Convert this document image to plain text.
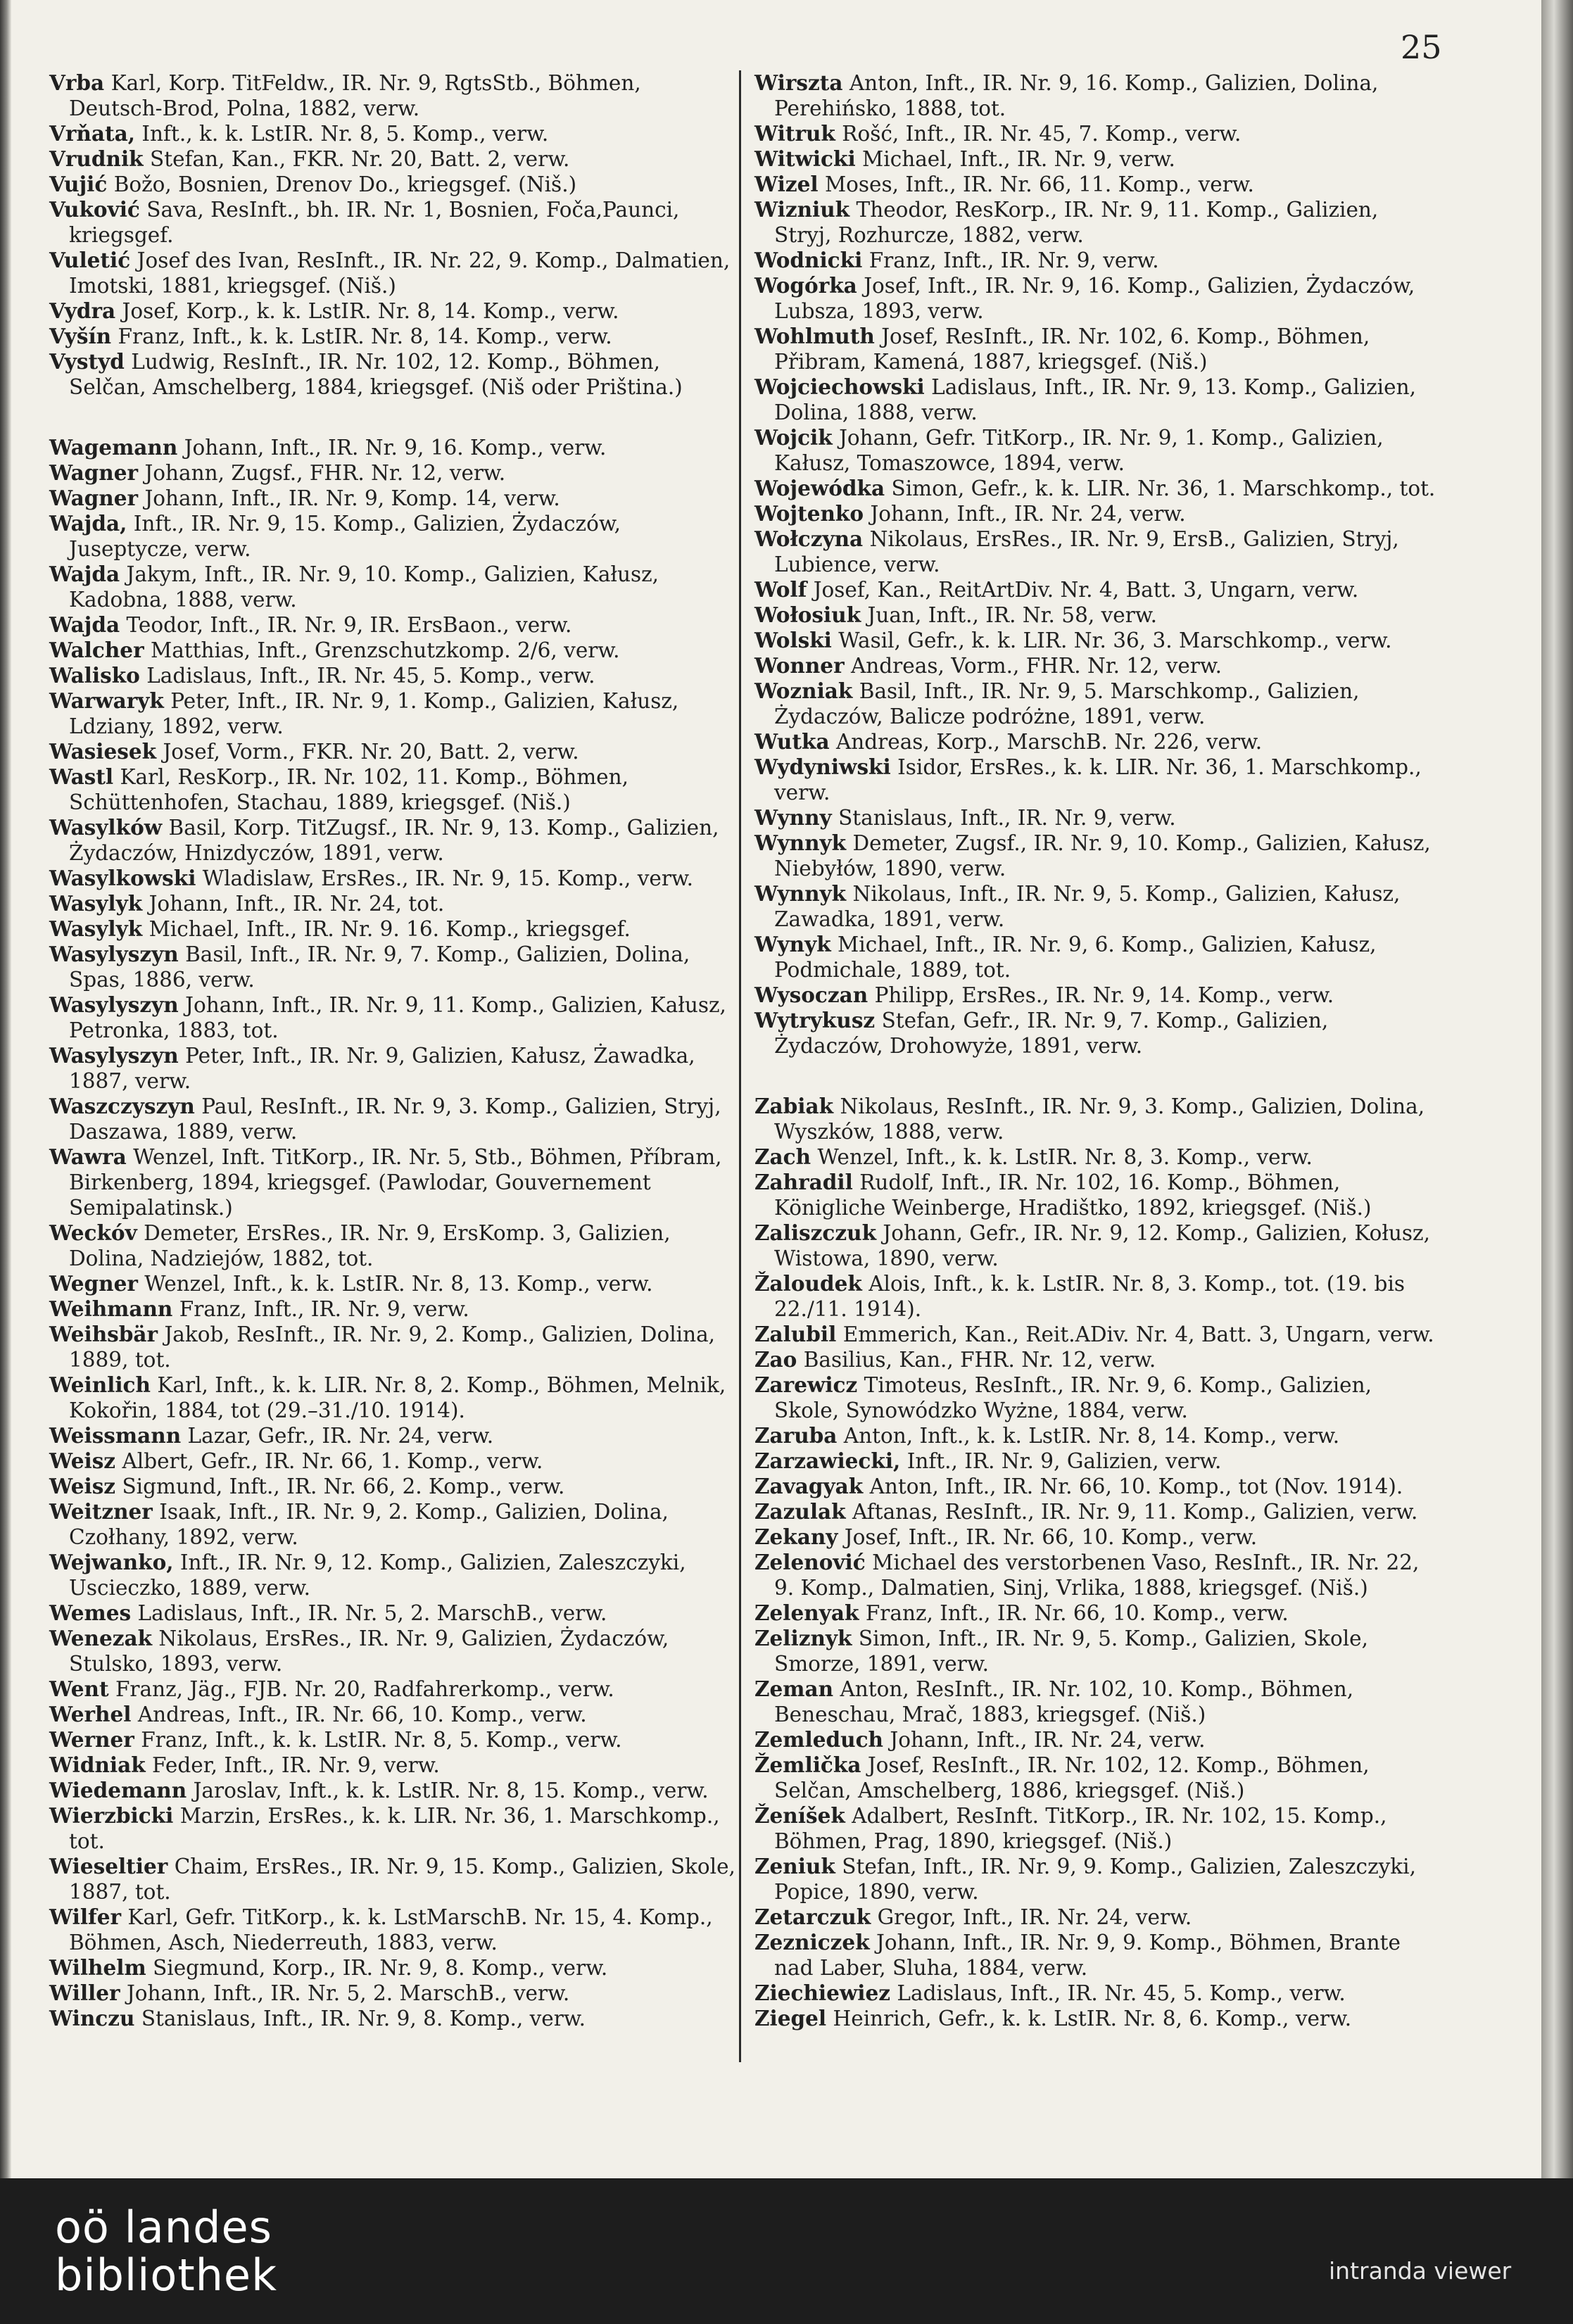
25
Vrba Karl, Korp. TitFeldw., IR. Nr. 9, RgtsStb., Böhmen, Deutsch-Brod, Polna, 1882, verw.
Vrňata, Inft., k. k. LstIR. Nr. 8, 5. Komp., verw.
Vrudnik Stefan, Kan., FKR. Nr. 20, Batt. 2, verw.
Vujić Božo, Bosnien, Drenov Do., kriegsgef. (Niš.)
Vuković Sava, ResInft., bh. IR. Nr. 1, Bosnien, Foča,Paunci, kriegsgef.
Vuletić Josef des Ivan, ResInft., IR. Nr. 22, 9. Komp., Dalmatien, Imotski, 1881, kriegsgef. (Niš.)
Vydra Josef, Korp., k. k. LstIR. Nr. 8, 14. Komp., verw.
Vyšín Franz, Inft., k. k. LstIR. Nr. 8, 14. Komp., verw.
Vystyd Ludwig, ResInft., IR. Nr. 102, 12. Komp., Böhmen, Selčan, Amschelberg, 1884, kriegsgef. (Niš oder Priština.)
Wagemann Johann, Inft., IR. Nr. 9, 16. Komp., verw.
Wagner Johann, Zugsf., FHR. Nr. 12, verw.
Wagner Johann, Inft., IR. Nr. 9, Komp. 14, verw.
Wajda, Inft., IR. Nr. 9, 15. Komp., Galizien, Żydaczów, Juseptycze, verw.
Wajda Jakym, Inft., IR. Nr. 9, 10. Komp., Galizien, Kałusz, Kadobna, 1888, verw.
Wajda Teodor, Inft., IR. Nr. 9, IR. ErsBaon., verw.
Walcher Matthias, Inft., Grenzschutzkomp. 2/6, verw.
Walisko Ladislaus, Inft., IR. Nr. 45, 5. Komp., verw.
Warwaryk Peter, Inft., IR. Nr. 9, 1. Komp., Galizien, Kałusz, Ldziany, 1892, verw.
Wasiesek Josef, Vorm., FKR. Nr. 20, Batt. 2, verw.
Wastl Karl, ResKorp., IR. Nr. 102, 11. Komp., Böhmen, Schüttenhofen, Stachau, 1889, kriegsgef. (Niš.)
Wasylków Basil, Korp. TitZugsf., IR. Nr. 9, 13. Komp., Galizien, Żydaczów, Hnizdyczów, 1891, verw.
Wasylkowski Wladislaw, ErsRes., IR. Nr. 9, 15. Komp., verw.
Wasylyk Johann, Inft., IR. Nr. 24, tot.
Wasylyk Michael, Inft., IR. Nr. 9. 16. Komp., kriegsgef.
Wasylyszyn Basil, Inft., IR. Nr. 9, 7. Komp., Galizien, Dolina, Spas, 1886, verw.
Wasylyszyn Johann, Inft., IR. Nr. 9, 11. Komp., Galizien, Kałusz, Petronka, 1883, tot.
Wasylyszyn Peter, Inft., IR. Nr. 9, Galizien, Kałusz, Żawadka, 1887, verw.
Waszczyszyn Paul, ResInft., IR. Nr. 9, 3. Komp., Galizien, Stryj, Daszawa, 1889, verw.
Wawra Wenzel, Inft. TitKorp., IR. Nr. 5, Stb., Böhmen, Příbram, Birkenberg, 1894, kriegsgef. (Pawlodar, Gouvernement Semipalatinsk.)
Weckóv Demeter, ErsRes., IR. Nr. 9, ErsKomp. 3, Galizien, Dolina, Nadziejów, 1882, tot.
Wegner Wenzel, Inft., k. k. LstIR. Nr. 8, 13. Komp., verw.
Weihmann Franz, Inft., IR. Nr. 9, verw.
Weihsbär Jakob, ResInft., IR. Nr. 9, 2. Komp., Galizien, Dolina, 1889, tot.
Weinlich Karl, Inft., k. k. LIR. Nr. 8, 2. Komp., Böhmen, Melnik, Kokořin, 1884, tot (29.–31./10. 1914).
Weissmann Lazar, Gefr., IR. Nr. 24, verw.
Weisz Albert, Gefr., IR. Nr. 66, 1. Komp., verw.
Weisz Sigmund, Inft., IR. Nr. 66, 2. Komp., verw.
Weitzner Isaak, Inft., IR. Nr. 9, 2. Komp., Galizien, Dolina, Czołhany, 1892, verw.
Wejwanko, Inft., IR. Nr. 9, 12. Komp., Galizien, Zaleszczyki, Uscieczko, 1889, verw.
Wemes Ladislaus, Inft., IR. Nr. 5, 2. MarschB., verw.
Wenezak Nikolaus, ErsRes., IR. Nr. 9, Galizien, Żydaczów, Stulsko, 1893, verw.
Went Franz, Jäg., FJB. Nr. 20, Radfahrerkomp., verw.
Werhel Andreas, Inft., IR. Nr. 66, 10. Komp., verw.
Werner Franz, Inft., k. k. LstIR. Nr. 8, 5. Komp., verw.
Widniak Feder, Inft., IR. Nr. 9, verw.
Wiedemann Jaroslav, Inft., k. k. LstIR. Nr. 8, 15. Komp., verw.
Wierzbicki Marzin, ErsRes., k. k. LIR. Nr. 36, 1. Marschkomp., tot.
Wieseltier Chaim, ErsRes., IR. Nr. 9, 15. Komp., Galizien, Skole, 1887, tot.
Wilfer Karl, Gefr. TitKorp., k. k. LstMarschB. Nr. 15, 4. Komp., Böhmen, Asch, Niederreuth, 1883, verw.
Wilhelm Siegmund, Korp., IR. Nr. 9, 8. Komp., verw.
Willer Johann, Inft., IR. Nr. 5, 2. MarschB., verw.
Winczu Stanislaus, Inft., IR. Nr. 9, 8. Komp., verw.
Wirszta Anton, Inft., IR. Nr. 9, 16. Komp., Galizien, Dolina, Perehińsko, 1888, tot.
Witruk Rošć, Inft., IR. Nr. 45, 7. Komp., verw.
Witwicki Michael, Inft., IR. Nr. 9, verw.
Wizel Moses, Inft., IR. Nr. 66, 11. Komp., verw.
Wizniuk Theodor, ResKorp., IR. Nr. 9, 11. Komp., Galizien, Stryj, Rozhurcze, 1882, verw.
Wodnicki Franz, Inft., IR. Nr. 9, verw.
Wogórka Josef, Inft., IR. Nr. 9, 16. Komp., Galizien, Żydaczów, Lubsza, 1893, verw.
Wohlmuth Josef, ResInft., IR. Nr. 102, 6. Komp., Böhmen, Přibram, Kamená, 1887, kriegsgef. (Niš.)
Wojciechowski Ladislaus, Inft., IR. Nr. 9, 13. Komp., Galizien, Dolina, 1888, verw.
Wojcik Johann, Gefr. TitKorp., IR. Nr. 9, 1. Komp., Galizien, Kałusz, Tomaszowce, 1894, verw.
Wojewódka Simon, Gefr., k. k. LIR. Nr. 36, 1. Marschkomp., tot.
Wojtenko Johann, Inft., IR. Nr. 24, verw.
Wołczyna Nikolaus, ErsRes., IR. Nr. 9, ErsB., Galizien, Stryj, Lubience, verw.
Wolf Josef, Kan., ReitArtDiv. Nr. 4, Batt. 3, Ungarn, verw.
Wołosiuk Juan, Inft., IR. Nr. 58, verw.
Wolski Wasil, Gefr., k. k. LIR. Nr. 36, 3. Marschkomp., verw.
Wonner Andreas, Vorm., FHR. Nr. 12, verw.
Wozniak Basil, Inft., IR. Nr. 9, 5. Marschkomp., Galizien, Żydaczów, Balicze podróżne, 1891, verw.
Wutka Andreas, Korp., MarschB. Nr. 226, verw.
Wydyniwski Isidor, ErsRes., k. k. LIR. Nr. 36, 1. Marschkomp., verw.
Wynny Stanislaus, Inft., IR. Nr. 9, verw.
Wynnyk Demeter, Zugsf., IR. Nr. 9, 10. Komp., Galizien, Kałusz, Niebyłów, 1890, verw.
Wynnyk Nikolaus, Inft., IR. Nr. 9, 5. Komp., Galizien, Kałusz, Zawadka, 1891, verw.
Wynyk Michael, Inft., IR. Nr. 9, 6. Komp., Galizien, Kałusz, Podmichale, 1889, tot.
Wysoczan Philipp, ErsRes., IR. Nr. 9, 14. Komp., verw.
Wytrykusz Stefan, Gefr., IR. Nr. 9, 7. Komp., Galizien, Żydaczów, Drohowyże, 1891, verw.
Zabiak Nikolaus, ResInft., IR. Nr. 9, 3. Komp., Galizien, Dolina, Wyszków, 1888, verw.
Zach Wenzel, Inft., k. k. LstIR. Nr. 8, 3. Komp., verw.
Zahradil Rudolf, Inft., IR. Nr. 102, 16. Komp., Böhmen, Königliche Weinberge, Hradištko, 1892, kriegsgef. (Niš.)
Zaliszczuk Johann, Gefr., IR. Nr. 9, 12. Komp., Galizien, Kołusz, Wistowa, 1890, verw.
Žaloudek Alois, Inft., k. k. LstIR. Nr. 8, 3. Komp., tot. (19. bis 22./11. 1914).
Zalubil Emmerich, Kan., Reit.ADiv. Nr. 4, Batt. 3, Ungarn, verw.
Zao Basilius, Kan., FHR. Nr. 12, verw.
Zarewicz Timoteus, ResInft., IR. Nr. 9, 6. Komp., Galizien, Skole, Synowódzko Wyżne, 1884, verw.
Zaruba Anton, Inft., k. k. LstIR. Nr. 8, 14. Komp., verw.
Zarzawiecki, Inft., IR. Nr. 9, Galizien, verw.
Zavagyak Anton, Inft., IR. Nr. 66, 10. Komp., tot (Nov. 1914).
Zazulak Aftanas, ResInft., IR. Nr. 9, 11. Komp., Galizien, verw.
Zekany Josef, Inft., IR. Nr. 66, 10. Komp., verw.
Zelenović Michael des verstorbenen Vaso, ResInft., IR. Nr. 22, 9. Komp., Dalmatien, Sinj, Vrlika, 1888, kriegsgef. (Niš.)
Zelenyak Franz, Inft., IR. Nr. 66, 10. Komp., verw.
Zeliznyk Simon, Inft., IR. Nr. 9, 5. Komp., Galizien, Skole, Smorze, 1891, verw.
Zeman Anton, ResInft., IR. Nr. 102, 10. Komp., Böhmen, Beneschau, Mrač, 1883, kriegsgef. (Niš.)
Zemleduch Johann, Inft., IR. Nr. 24, verw.
Žemlička Josef, ResInft., IR. Nr. 102, 12. Komp., Böhmen, Selčan, Amschelberg, 1886, kriegsgef. (Niš.)
Ženíšek Adalbert, ResInft. TitKorp., IR. Nr. 102, 15. Komp., Böhmen, Prag, 1890, kriegsgef. (Niš.)
Zeniuk Stefan, Inft., IR. Nr. 9, 9. Komp., Galizien, Zaleszczyki, Popice, 1890, verw.
Zetarczuk Gregor, Inft., IR. Nr. 24, verw.
Zezniczek Johann, Inft., IR. Nr. 9, 9. Komp., Böhmen, Brante nad Laber, Sluha, 1884, verw.
Ziechiewiez Ladislaus, Inft., IR. Nr. 45, 5. Komp., verw.
Ziegel Heinrich, Gefr., k. k. LstIR. Nr. 8, 6. Komp., verw.
oö landes
bibliothek	intranda viewer
